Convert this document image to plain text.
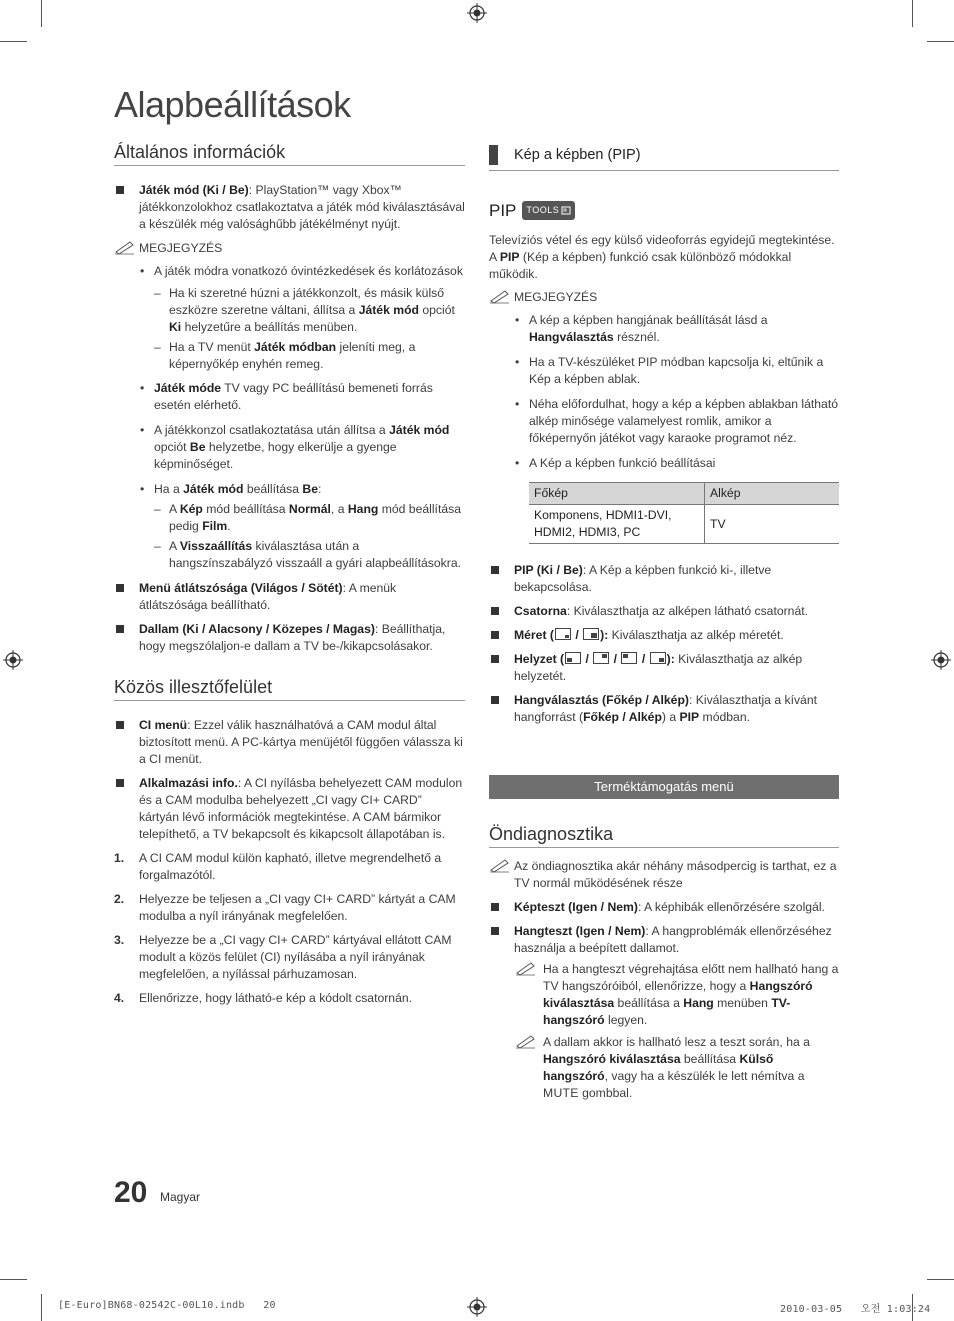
Alapbeállítások
Általános információk
Játék mód (Ki / Be): PlayStation™ vagy Xbox™ játékkonzolokhoz csatlakoztatva a játék mód kiválasztásával a készülék még valósághűbb játékélményt nyújt.
MEGJEGYZÉS
• A játék módra vonatkozó óvintézkedések és korlátozások
– Ha ki szeretné húzni a játékkonzolt, és másik külső eszközre szeretne váltani, állítsa a Játék mód opciót Ki helyzetűre a beállítás menüben.
– Ha a TV menüt Játék módban jeleníti meg, a képernyőkép enyhén remeg.
• Játék móde TV vagy PC beállítású bemeneti forrás esetén elérhető.
• A játékkonzol csatlakoztatása után állítsa a Játék mód opciót Be helyzetbe, hogy elkerülje a gyenge képminőséget.
• Ha a Játék mód beállítása Be:
– A Kép mód beállítása Normál, a Hang mód beállítása pedig Film.
– A Visszaállítás kiválasztása után a hangszínszabályzó visszaáll a gyári alapbeállításokra.
Menü átlátszósága (Világos / Sötét): A menük átlátszósága beállítható.
Dallam (Ki / Alacsony / Közepes / Magas): Beállíthatja, hogy megszólaljon-e dallam a TV be-/kikapcsolásakor.
Közös illesztőfelület
CI menü: Ezzel válik használhatóvá a CAM modul által biztosított menü. A PC-kártya menüjétől függően válassza ki a CI menüt.
Alkalmazási info.: A CI nyílásba behelyezett CAM modulon és a CAM modulba behelyezett „CI vagy CI+ CARD” kártyán lévő információk megtekintése. A CAM bármikor telepíthető, a TV bekapcsolt és kikapcsolt állapotában is.
1. A CI CAM modul külön kapható, illetve megrendelhető a forgalmazótól.
2. Helyezze be teljesen a „CI vagy CI+ CARD” kártyát a CAM modulba a nyíl irányának megfelelően.
3. Helyezze be a „CI vagy CI+ CARD” kártyával ellátott CAM modult a közös felület (CI) nyílásába a nyíl irányának megfelelően, a nyílással párhuzamosan.
4. Ellenőrizze, hogy látható-e kép a kódolt csatornán.
Kép a képben (PIP)
PIP TOOLS
Televíziós vétel és egy külső videoforrás egyidejű megtekintése. A PIP (Kép a képben) funkció csak különböző módokkal működik.
MEGJEGYZÉS
• A kép a képben hangjának beállítását lásd a Hangválasztás résznél.
• Ha a TV-készüléket PIP módban kapcsolja ki, eltűnik a Kép a képben ablak.
• Néha előfordulhat, hogy a kép a képben ablakban látható alkép minősége valamelyest romlik, amikor a főképernyőn játékot vagy karaoke programot néz.
• A Kép a képben funkció beállításai
Főkép	Alkép
Komponens, HDMI1-DVI, HDMI2, HDMI3, PC	TV
PIP (Ki / Be): A Kép a képben funkció ki-, illetve bekapcsolása.
Csatorna: Kiválaszthatja az alképen látható csatornát.
Méret (
/
): Kiválaszthatja az alkép méretét.
Helyzet (
/
/
/
): Kiválaszthatja az alkép helyzetét.
Hangválasztás (Főkép / Alkép): Kiválaszthatja a kívánt hangforrást (Főkép / Alkép) a PIP módban.
Terméktámogatás menü
Öndiagnosztika
Az öndiagnosztika akár néhány másodpercig is tarthat, ez a TV normál működésének része
Képteszt (Igen / Nem): A képhibák ellenőrzésére szolgál.
Hangteszt (Igen / Nem): A hangproblémák ellenőrzéséhez használja a beépített dallamot.
Ha a hangteszt végrehajtása előtt nem hallható hang a TV hangszóróiból, ellenőrizze, hogy a Hangszóró kiválasztása beállítása a Hang menüben TV-hangszóró legyen.
A dallam akkor is hallható lesz a teszt során, ha a Hangszóró kiválasztása beállítása Külső hangszóró, vagy ha a készülék le lett némítva a MUTE gombbal.
20 Magyar
[E-Euro]BN68-02542C-00L10.indb   20	2010-03-05   오전 1:03:24
